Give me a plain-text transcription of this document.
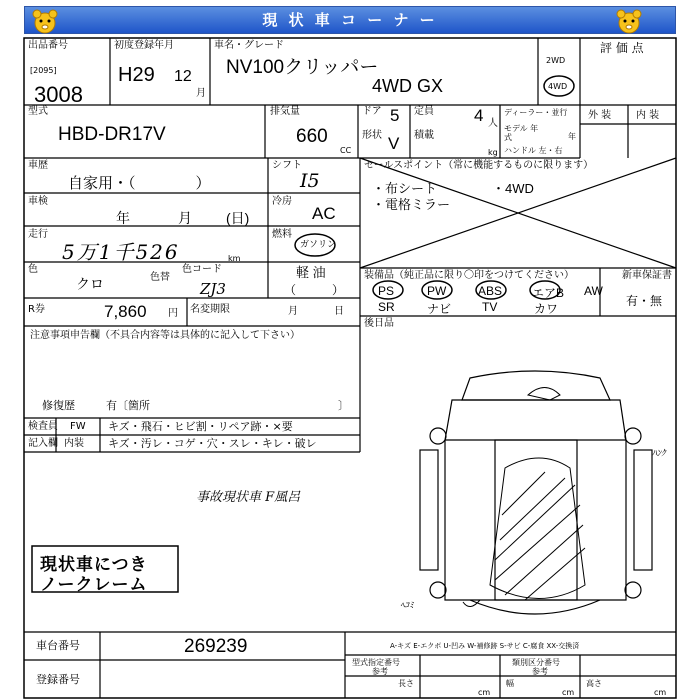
現 状 車 コ ー ナ ー
出品番号
[2095]
3008
初度登録年月
H29 12
月
車名・グレード
NV100クリッパー
4WD GX
2WD
4WD
評 価 点
型式
HBD-DR17V
排気量
660
CC
ドア 5
形状 V
定員 4 人
積載
kg
ディーラー・並行
モデル 年式	年
ハンドル 左・右
外 装 内 装
車歴
自家用・（　　　　）
シフト
I5
車検
年	月 (日)
冷房
AC
走行
5万1千526	km
燃料
ガソリン
軽 油
（　　　）
色
クロ	色替
色コード
ZJ3
R券	7,860 円 名変期限	月	日
注意事項申告欄（不具合内容等は具体的に記入して下さい）
修復歴	有〔箇所	〕
検査員
記入欄
FW キズ・飛石・ヒビ割・リペア跡・×要
内装 キズ・汚レ・コゲ・穴・スレ・キレ・破レ
事故現状車 F風呂
現状車につき
ノークレーム
セールスポイント（常に機能するものに限ります）
・布シート	・4WD
・電格ミラー
装備品（純正品に限り〇印をつけてください）
PS	PW	ABS エアB AW
SR	ナビ	TV	カワ
新車保証書
有・無
後日品
ﾊﾝｸ
ﾍｺﾐ
車台番号	269239
登録番号
A-キズ E-エクボ U-凹み W-補修跡 S-サビ C-腐食 XX-交換済
型式指定番号
参考
類別区分番号
参考
長さ
cm
幅
cm
高さ
cm
